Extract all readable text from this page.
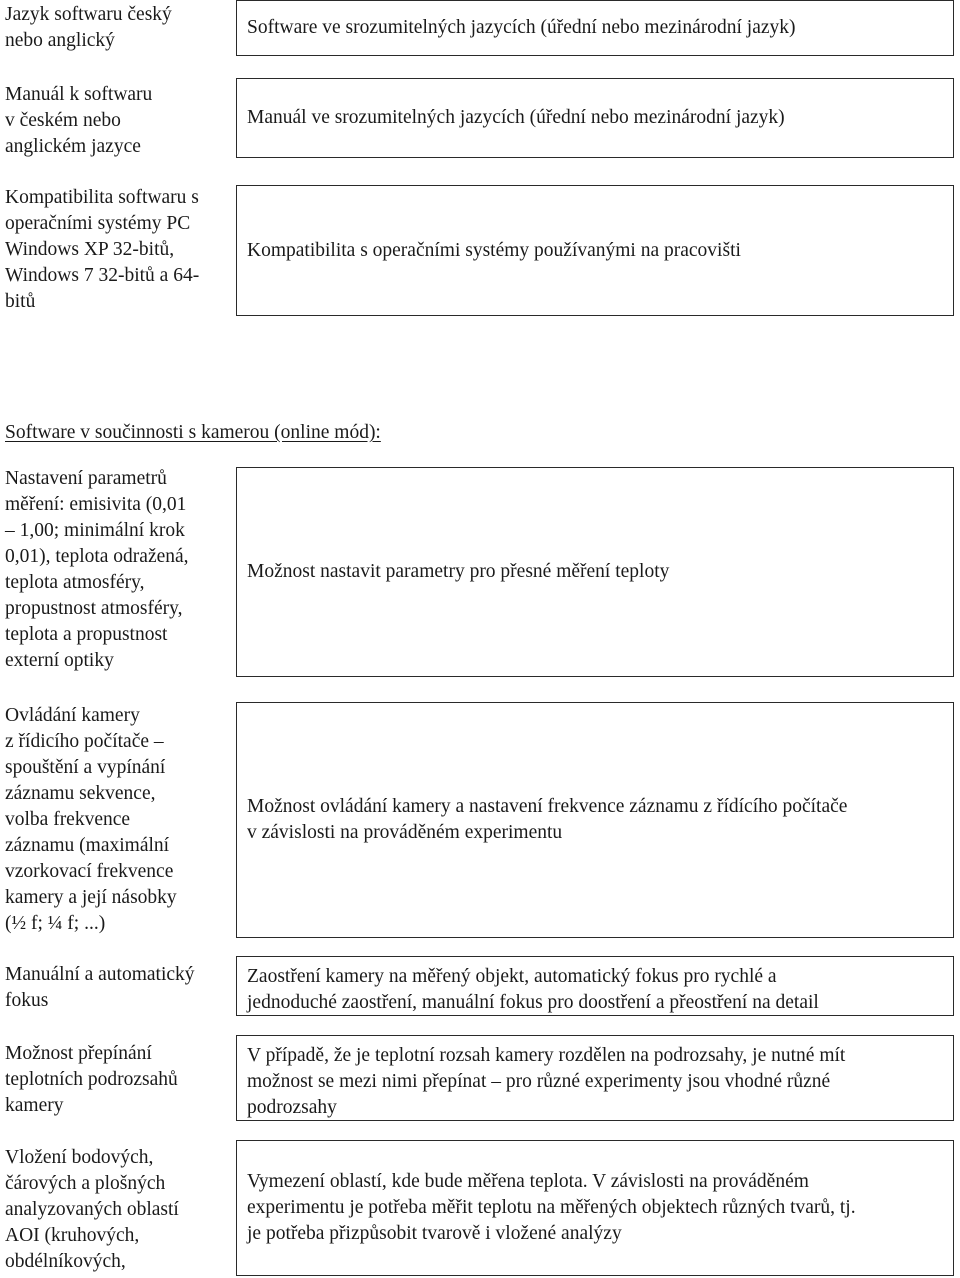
Jazyk softwaru český
nebo anglický
Software ve srozumitelných jazycích (úřední nebo mezinárodní jazyk)
Manuál k softwaru
v českém nebo
anglickém jazyce
Manuál ve srozumitelných jazycích (úřední nebo mezinárodní jazyk)
Kompatibilita softwaru s
operačními systémy PC
Windows XP 32-bitů,
Windows 7 32-bitů a 64-
bitů
Kompatibilita s operačními systémy používanými na pracovišti
Software v součinnosti s kamerou (online mód):
Nastavení parametrů
měření: emisivita (0,01
– 1,00; minimální krok
0,01), teplota odražená,
teplota atmosféry,
propustnost atmosféry,
teplota a propustnost
externí optiky
Možnost nastavit parametry pro přesné měření teploty
Ovládání kamery
z řídicího počítače –
spouštění a vypínání
záznamu sekvence,
volba frekvence
záznamu (maximální
vzorkovací frekvence
kamery a její násobky
(½ f; ¼ f; ...)
Možnost ovládání kamery a nastavení frekvence záznamu z řídícího počítače
v závislosti na prováděném experimentu
Manuální a automatický
fokus
Zaostření kamery na měřený objekt, automatický fokus pro rychlé a
jednoduché zaostření, manuální fokus pro doostření a přeostření na detail
Možnost přepínání
teplotních podrozsahů
kamery
V případě, že je teplotní rozsah kamery rozdělen na podrozsahy, je nutné mít
možnost se mezi nimi přepínat – pro různé experimenty jsou vhodné různé
podrozsahy
Vložení bodových,
čárových a plošných
analyzovaných oblastí
AOI (kruhových,
obdélníkových,
Vymezení oblastí, kde bude měřena teplota. V závislosti na prováděném
experimentu je potřeba měřit teplotu na měřených objektech různých tvarů, tj.
je potřeba přizpůsobit tvarově i vložené analýzy
